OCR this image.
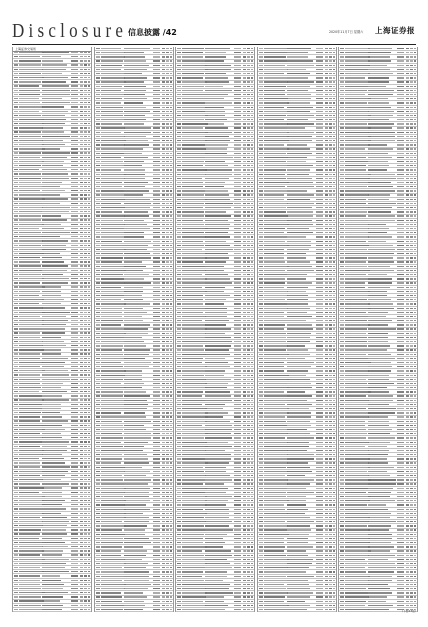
Disclosure 信息披露 /42	2020年11月7日 星期六 上海证券报
上海证券交易所
(下转43版)
